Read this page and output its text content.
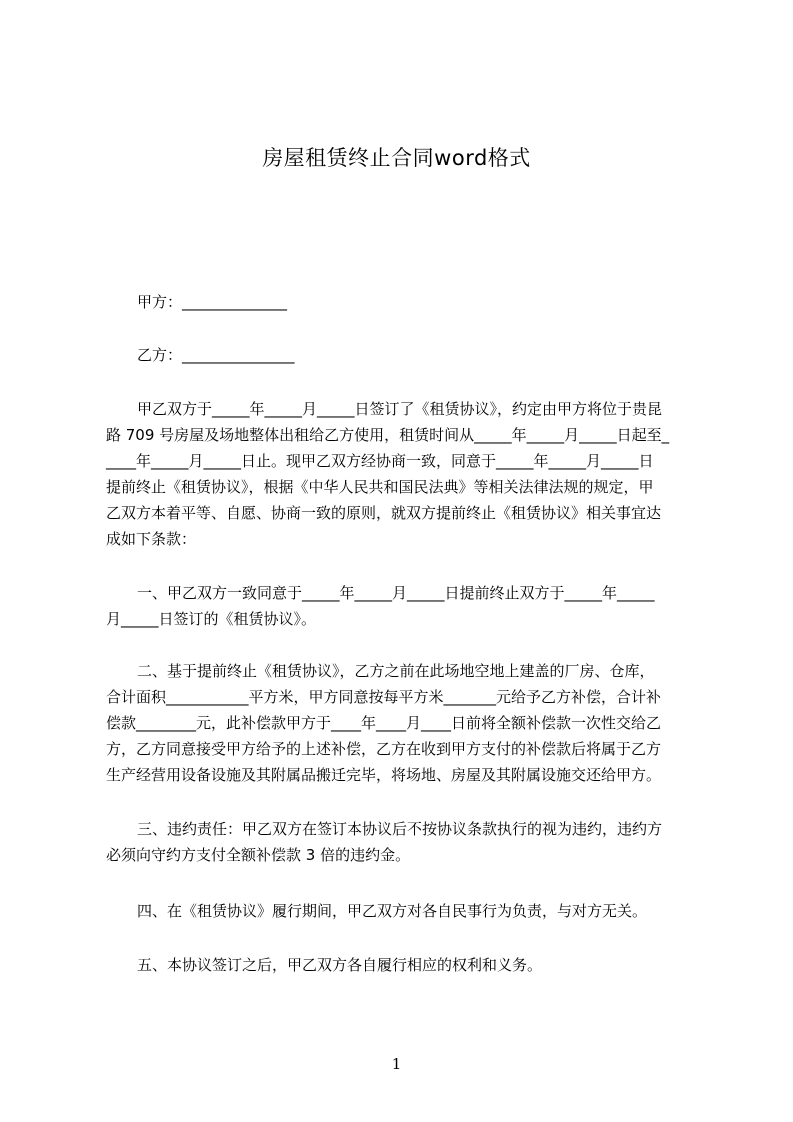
房屋租赁终止合同word格式
甲方：______________
乙方：_______________
甲乙双方于_____年_____月_____日签订了《租赁协议》，约定由甲方将位于贵昆
路 709 号房屋及场地整体出租给乙方使用，租赁时间从_____年_____月_____日起至_
____年_____月_____日止。现甲乙双方经协商一致，同意于_____年_____月_____日
提前终止《租赁协议》，根据《中华人民共和国民法典》等相关法律法规的规定，甲
乙双方本着平等、自愿、协商一致的原则，就双方提前终止《租赁协议》相关事宜达
成如下条款：
一、甲乙双方一致同意于_____年_____月_____日提前终止双方于_____年_____
月_____日签订的《租赁协议》。
二、基于提前终止《租赁协议》，乙方之前在此场地空地上建盖的厂房、仓库，
合计面积___________平方米，甲方同意按每平方米_______元给予乙方补偿，合计补
偿款________元，此补偿款甲方于____年____月____日前将全额补偿款一次性交给乙
方，乙方同意接受甲方给予的上述补偿，乙方在收到甲方支付的补偿款后将属于乙方
生产经营用设备设施及其附属品搬迁完毕，将场地、房屋及其附属设施交还给甲方。
三、违约责任：甲乙双方在签订本协议后不按协议条款执行的视为违约，违约方
必须向守约方支付全额补偿款 3 倍的违约金。
四、在《租赁协议》履行期间，甲乙双方对各自民事行为负责，与对方无关。
五、本协议签订之后，甲乙双方各自履行相应的权利和义务。
1
